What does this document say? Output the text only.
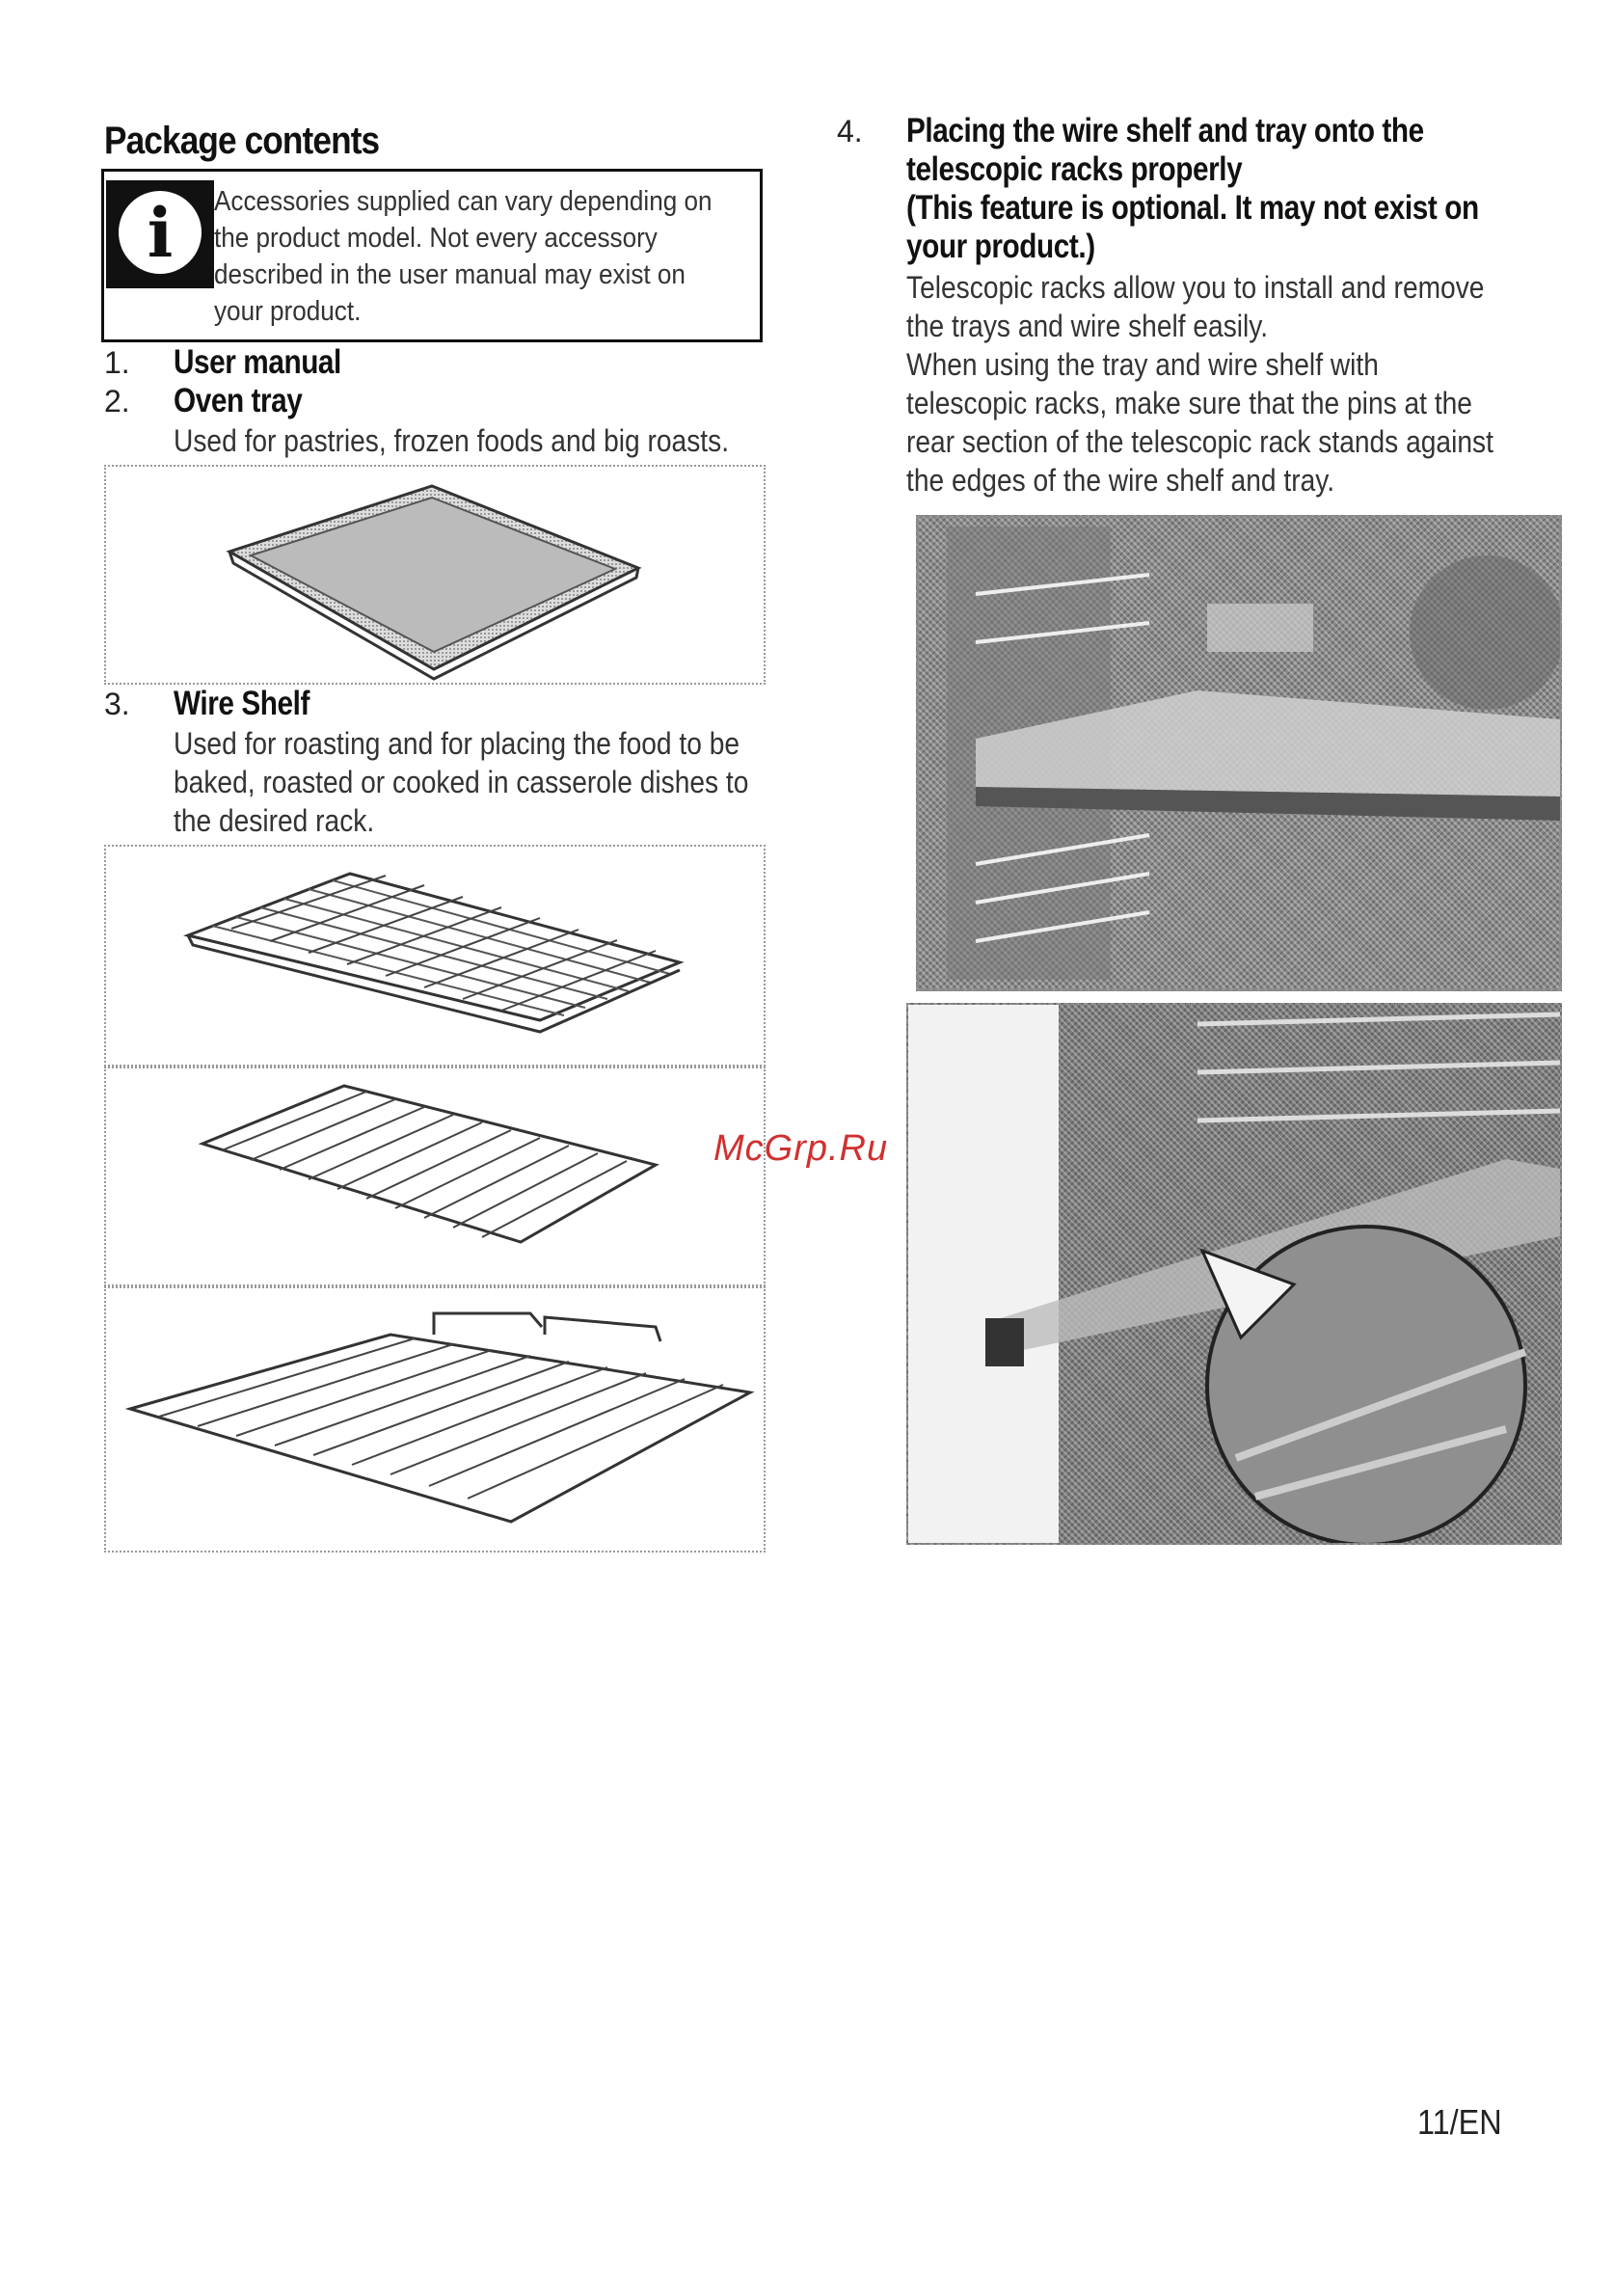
Package contents
i	Accessories supplied can vary depending on
the product model. Not every accessory
described in the user manual may exist on
your product.
1. User manual
2. Oven tray
Used for pastries, frozen foods and big roasts.
3. Wire Shelf
Used for roasting and for placing the food to be
baked, roasted or cooked in casserole dishes to
the desired rack.
4. Placing the wire shelf and tray onto the
telescopic racks properly
(This feature is optional. It may not exist on
your product.)
Telescopic racks allow you to install and remove
the trays and wire shelf easily.
When using the tray and wire shelf with
telescopic racks, make sure that the pins at the
rear section of the telescopic rack stands against
the edges of the wire shelf and tray.
McGrp.Ru
11/EN
